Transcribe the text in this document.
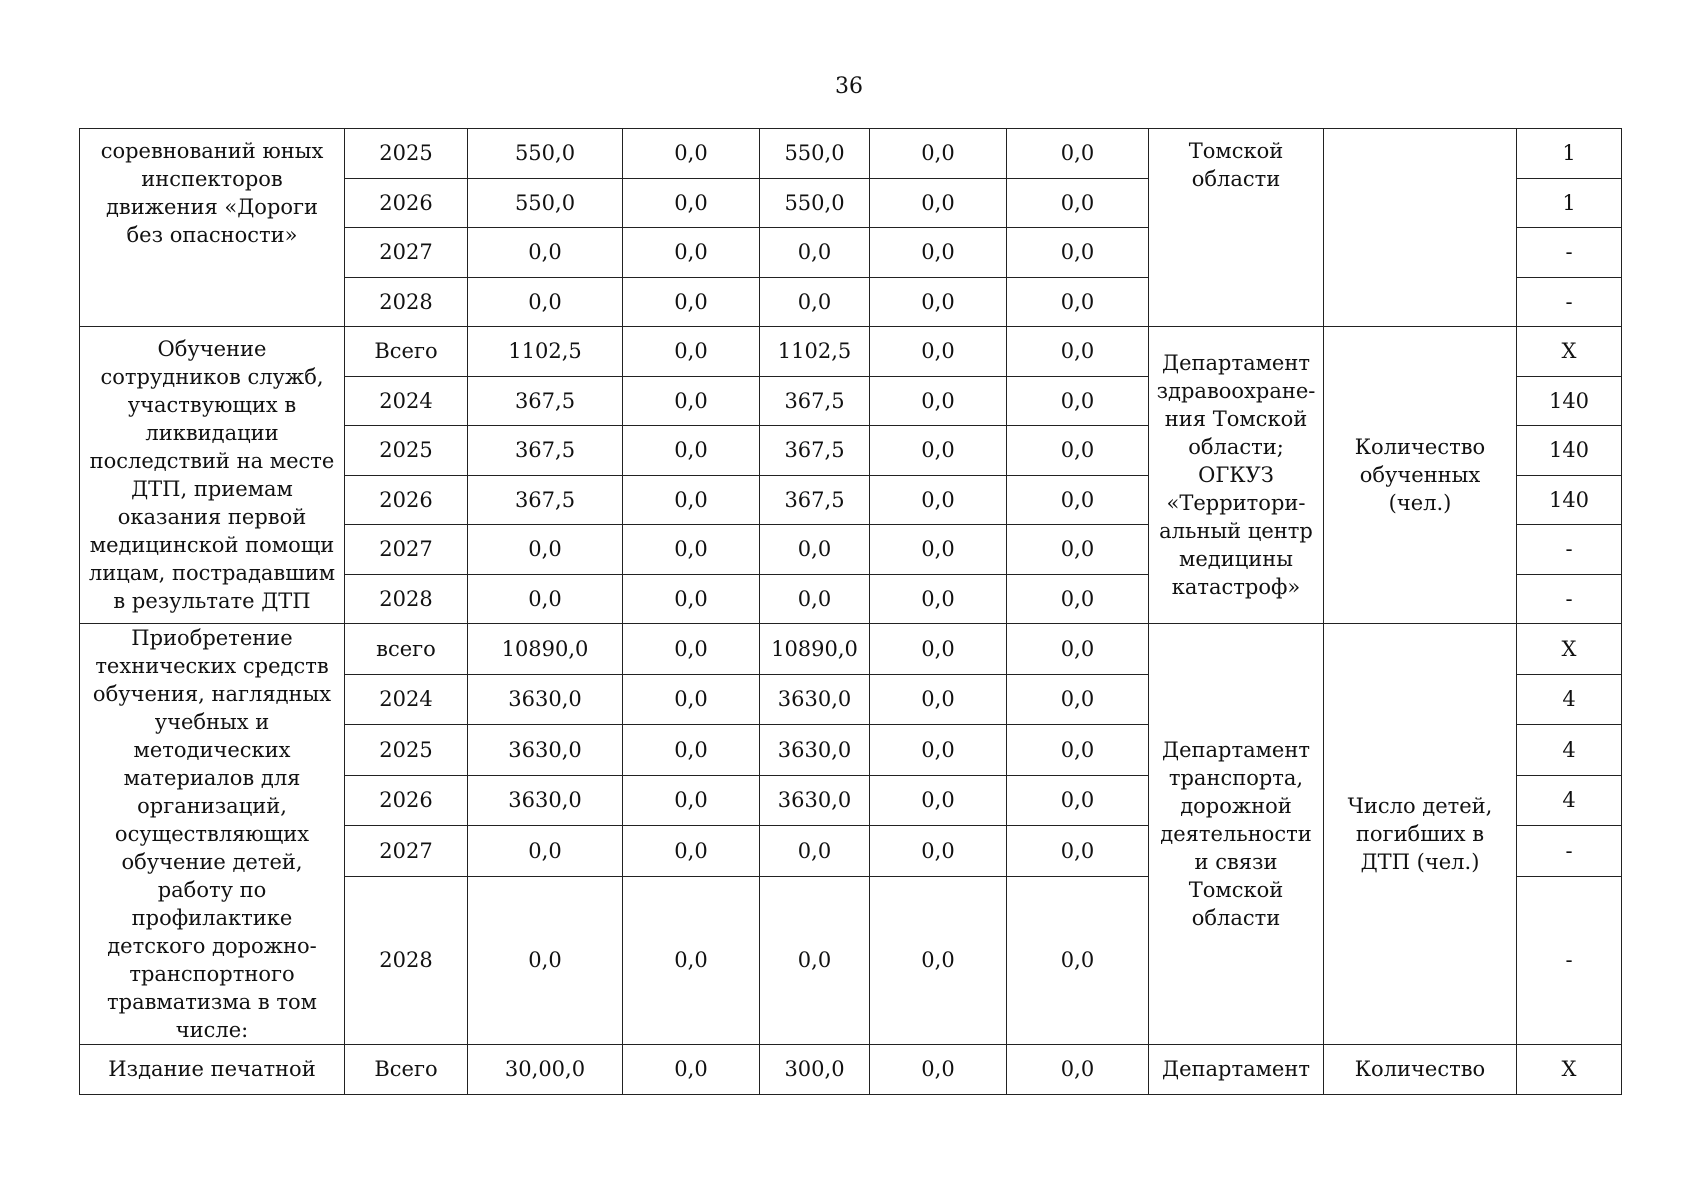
36
соревнований юных инспекторов движения «Дороги без опасности»	2025	550,0	0,0	550,0	0,0	0,0	Томской области		1
	2026	550,0	0,0	550,0	0,0	0,0			1
	2027	0,0	0,0	0,0	0,0	0,0			-
	2028	0,0	0,0	0,0	0,0	0,0			-
Обучение сотрудников служб, участвующих в ликвидации последствий на месте ДТП, приемам оказания первой медицинской помощи лицам, пострадавшим в результате ДТП	Всего	1102,5	0,0	1102,5	0,0	0,0	Департамент здравоохране-ния Томской области; ОГКУЗ «Территори-альный центр медицины катастроф»	Количество обученных (чел.)	X
	2024	367,5	0,0	367,5	0,0	0,0			140
	2025	367,5	0,0	367,5	0,0	0,0			140
	2026	367,5	0,0	367,5	0,0	0,0			140
	2027	0,0	0,0	0,0	0,0	0,0			-
	2028	0,0	0,0	0,0	0,0	0,0			-
Приобретение технических средств обучения, наглядных учебных и методических материалов для организаций, осуществляющих обучение детей, работу по профилактике детского дорожно-транспортного травматизма в том числе:	всего	10890,0	0,0	10890,0	0,0	0,0	Департамент транспорта, дорожной деятельности и связи Томской области	Число детей, погибших в ДТП (чел.)	X
	2024	3630,0	0,0	3630,0	0,0	0,0			4
	2025	3630,0	0,0	3630,0	0,0	0,0			4
	2026	3630,0	0,0	3630,0	0,0	0,0			4
	2027	0,0	0,0	0,0	0,0	0,0			-
	2028	0,0	0,0	0,0	0,0	0,0			-
Издание печатной	Всего	30,00,0	0,0	300,0	0,0	0,0	Департамент	Количество	X
